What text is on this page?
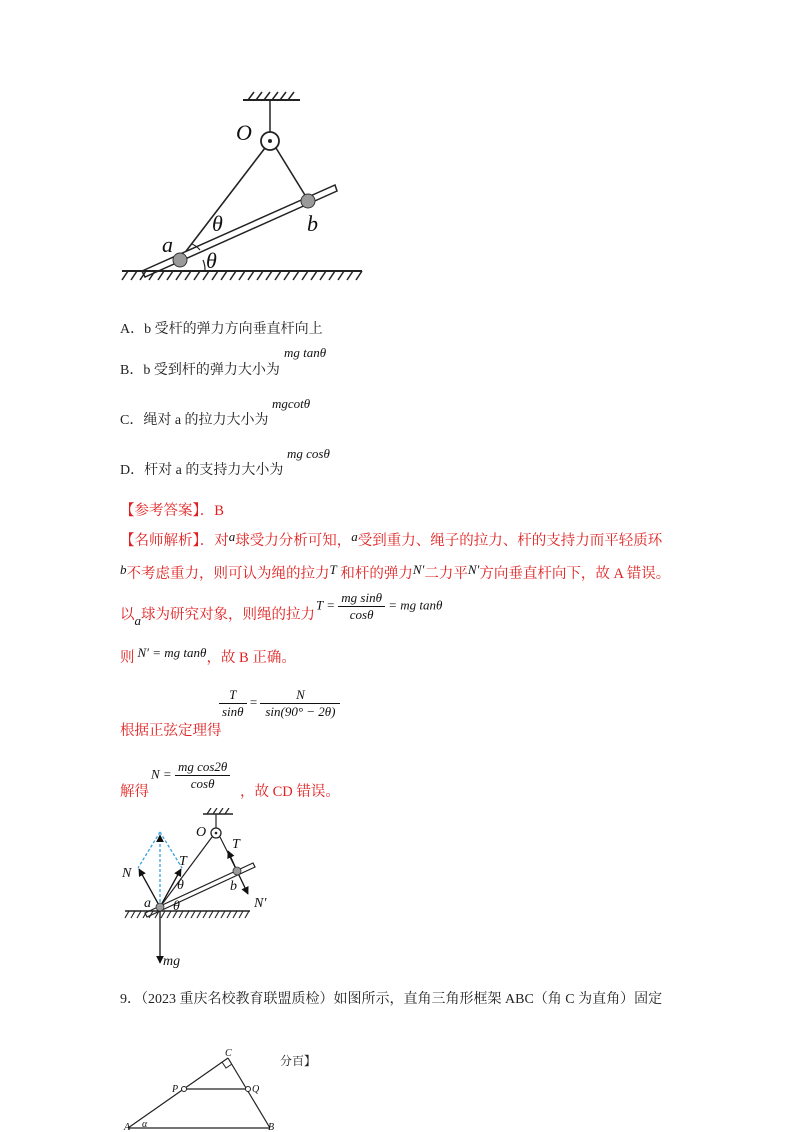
O
a
b
θ
θ
A．b 受杆的弹力方向垂直杆向上
B．b 受到杆的弹力大小为
mg tanθ
C．绳对 a 的拉力大小为
mgcotθ
D．杆对 a 的支持力大小为
mg cosθ
【参考答案】．B
【名师解析】．对a球受力分析可知，a受到重力、绳子的拉力、杆的支持力而平轻质环
b不考虑重力，则可认为绳的拉力T 和杆的弹力N′二力平N′方向垂直杆向下，故 A 错误。
以a球为研究对象，则绳的拉力
$T = \frac{\text{mg sinθ}}{\cos\theta}$ = mg tanθ
则 N′ = mg tanθ，故 B 正确。
根据正弦定理得
$\frac{T}{\sin\theta} = \frac{N}{\sin(90^\circ - 2\theta)}$
解得
$N = \frac{\text{mg cos2θ}}{\cos\theta}$ ，故 CD 错误。
O
T
T
N
θ
θ
a
b
N′
mg
9．（2023 重庆名校教育联盟质检）如图所示，直角三角形框架 ABC（角 C 为直角）固定
C
P	Q
A α	B
分百】
